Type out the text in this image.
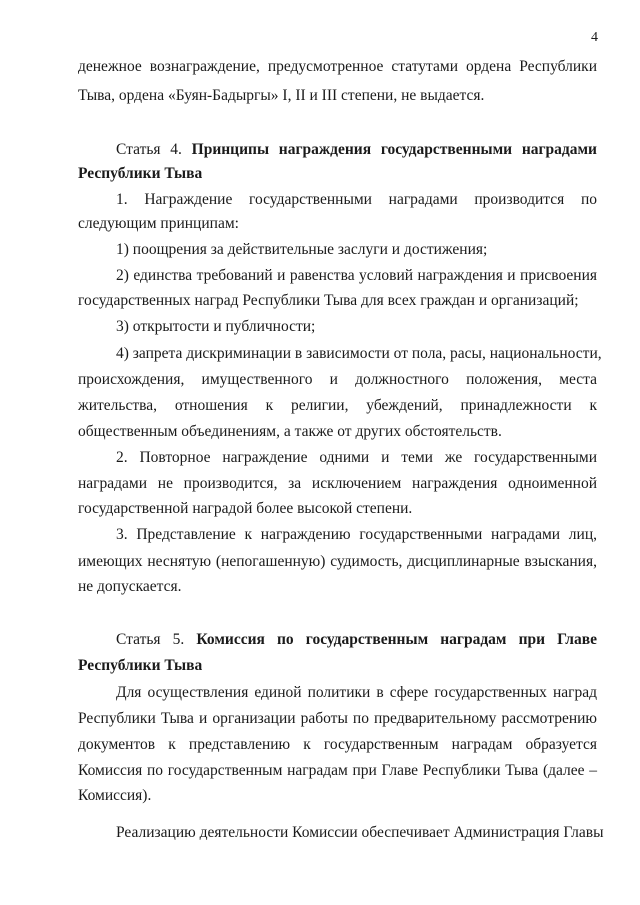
4
денежное вознаграждение, предусмотренное статутами ордена Республики
Тыва, ордена «Буян-Бадыргы» I, II и III степени, не выдается.
Статья 4. Принципы награждения государственными наградами
Республики Тыва
1. Награждение государственными наградами производится по
следующим принципам:
1) поощрения за действительные заслуги и достижения;
2) единства требований и равенства условий награждения и присвоения
государственных наград Республики Тыва для всех граждан и организаций;
3) открытости и публичности;
4) запрета дискриминации в зависимости от пола, расы, национальности,
происхождения, имущественного и должностного положения, места
жительства, отношения к религии, убеждений, принадлежности к
общественным объединениям, а также от других обстоятельств.
2. Повторное награждение одними и теми же государственными
наградами не производится, за исключением награждения одноименной
государственной наградой более высокой степени.
3. Представление к награждению государственными наградами лиц,
имеющих неснятую (непогашенную) судимость, дисциплинарные взыскания,
не допускается.
Статья 5. Комиссия по государственным наградам при Главе
Республики Тыва
Для осуществления единой политики в сфере государственных наград
Республики Тыва и организации работы по предварительному рассмотрению
документов к представлению к государственным наградам образуется
Комиссия по государственным наградам при Главе Республики Тыва (далее –
Комиссия).
Реализацию деятельности Комиссии обеспечивает Администрация Главы
